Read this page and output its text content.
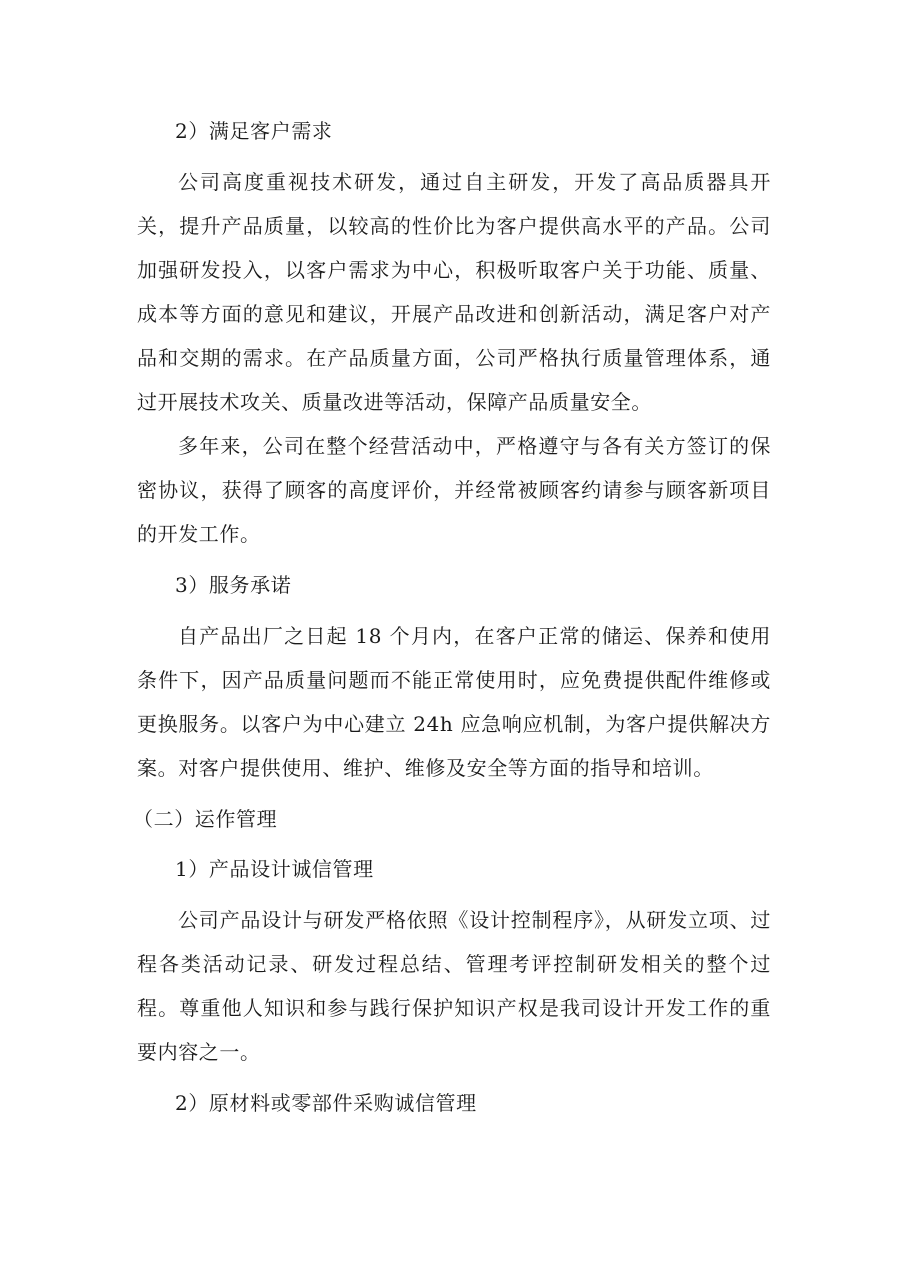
2）满足客户需求

公司高度重视技术研发，通过自主研发，开发了高品质器具开关，提升产品质量，以较高的性价比为客户提供高水平的产品。公司加强研发投入，以客户需求为中心，积极听取客户关于功能、质量、成本等方面的意见和建议，开展产品改进和创新活动，满足客户对产品和交期的需求。在产品质量方面，公司严格执行质量管理体系，通过开展技术攻关、质量改进等活动，保障产品质量安全。

多年来，公司在整个经营活动中，严格遵守与各有关方签订的保密协议，获得了顾客的高度评价，并经常被顾客约请参与顾客新项目的开发工作。

3）服务承诺

自产品出厂之日起 18 个月内，在客户正常的储运、保养和使用条件下，因产品质量问题而不能正常使用时，应免费提供配件维修或更换服务。以客户为中心建立 24h 应急响应机制，为客户提供解决方案。对客户提供使用、维护、维修及安全等方面的指导和培训。

（二）运作管理

1）产品设计诚信管理

公司产品设计与研发严格依照《设计控制程序》，从研发立项、过程各类活动记录、研发过程总结、管理考评控制研发相关的整个过程。尊重他人知识和参与践行保护知识产权是我司设计开发工作的重要内容之一。

2）原材料或零部件采购诚信管理
